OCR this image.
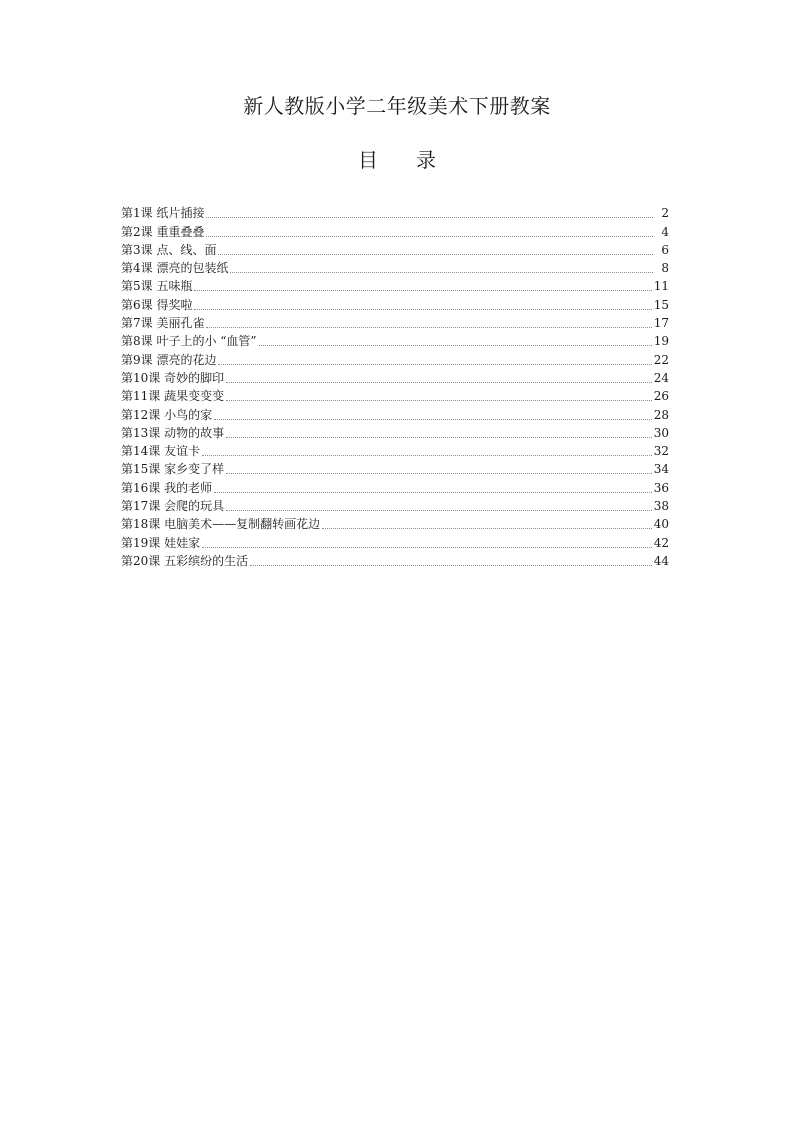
新人教版小学二年级美术下册教案
目 录
第1课 纸片插接	2
第2课 重重叠叠	4
第3课 点、线、面	6
第4课 漂亮的包装纸	8
第5课 五味瓶	11
第6课 得奖啦	15
第7课 美丽孔雀	17
第8课 叶子上的小 “血管”	19
第9课 漂亮的花边	22
第10课 奇妙的脚印	24
第11课 蔬果变变变	26
第12课 小鸟的家	28
第13课 动物的故事	30
第14课 友谊卡	32
第15课 家乡变了样	34
第16课 我的老师	36
第17课 会爬的玩具	38
第18课 电脑美术——复制翻转画花边	40
第19课 娃娃家	42
第20课 五彩缤纷的生活	44
